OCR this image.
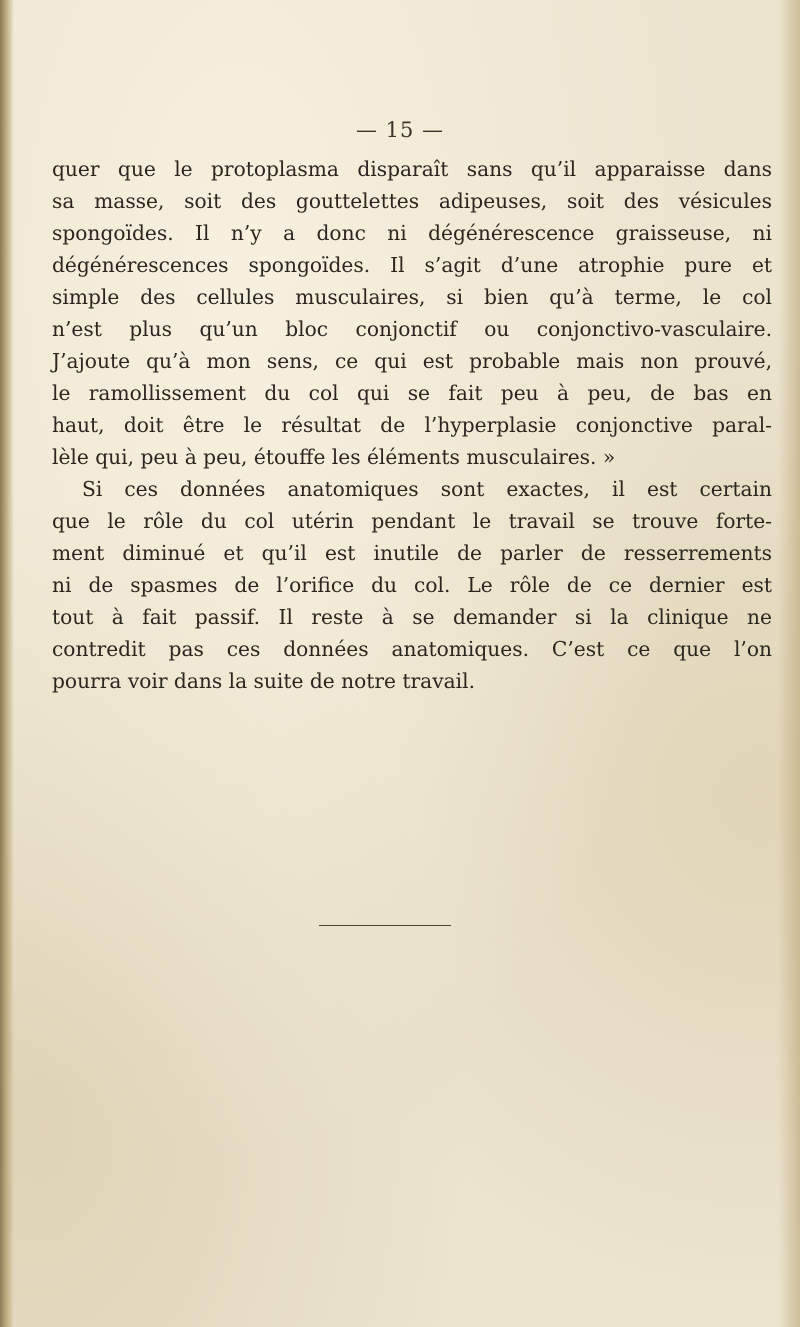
— 15 —
quer que le protoplasma disparaît sans qu’il apparaisse dans
sa masse, soit des gouttelettes adipeuses, soit des vésicules
spongoïdes. Il n’y a donc ni dégénérescence graisseuse, ni
dégénérescences spongoïdes. Il s’agit d’une atrophie pure et
simple des cellules musculaires, si bien qu’à terme, le col
n’est plus qu’un bloc conjonctif ou conjonctivo-vasculaire.
J’ajoute qu’à mon sens, ce qui est probable mais non prouvé,
le ramollissement du col qui se fait peu à peu, de bas en
haut, doit être le résultat de l’hyperplasie conjonctive paral-
lèle qui, peu à peu, étouffe les éléments musculaires. »
Si ces données anatomiques sont exactes, il est certain
que le rôle du col utérin pendant le travail se trouve forte-
ment diminué et qu’il est inutile de parler de resserrements
ni de spasmes de l’orifice du col. Le rôle de ce dernier est
tout à fait passif. Il reste à se demander si la clinique ne
contredit pas ces données anatomiques. C’est ce que l’on
pourra voir dans la suite de notre travail.
